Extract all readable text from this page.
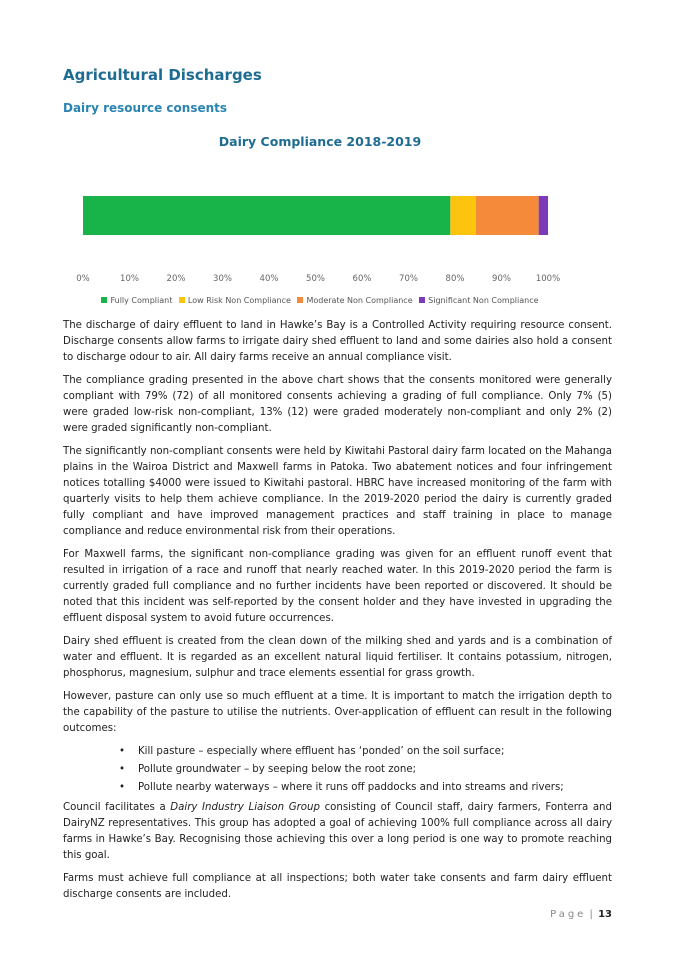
Agricultural Discharges
Dairy resource consents
Dairy Compliance 2018-2019
0%	10%	20%	30%	40%	50%	60%	70%	80%	90%	100%
Fully Compliant Low Risk Non Compliance Moderate Non Compliance Significant Non Compliance

The discharge of dairy effluent to land in Hawke’s Bay is a Controlled Activity requiring resource consent. Discharge consents allow farms to irrigate dairy shed effluent to land and some dairies also hold a consent to discharge odour to air. All dairy farms receive an annual compliance visit.

The compliance grading presented in the above chart shows that the consents monitored were generally compliant with 79% (72) of all monitored consents achieving a grading of full compliance. Only 7% (5) were graded low-risk non-compliant, 13% (12) were graded moderately non-compliant and only 2% (2) were graded significantly non-compliant.

The significantly non-compliant consents were held by Kiwitahi Pastoral dairy farm located on the Mahanga plains in the Wairoa District and Maxwell farms in Patoka. Two abatement notices and four infringement notices totalling $4000 were issued to Kiwitahi pastoral. HBRC have increased monitoring of the farm with quarterly visits to help them achieve compliance. In the 2019-2020 period the dairy is currently graded fully compliant and have improved management practices and staff training in place to manage compliance and reduce environmental risk from their operations.

For Maxwell farms, the significant non-compliance grading was given for an effluent runoff event that resulted in irrigation of a race and runoff that nearly reached water. In this 2019-2020 period the farm is currently graded full compliance and no further incidents have been reported or discovered. It should be noted that this incident was self-reported by the consent holder and they have invested in upgrading the effluent disposal system to avoid future occurrences.

Dairy shed effluent is created from the clean down of the milking shed and yards and is a combination of water and effluent. It is regarded as an excellent natural liquid fertiliser. It contains potassium, nitrogen, phosphorus, magnesium, sulphur and trace elements essential for grass growth.

However, pasture can only use so much effluent at a time. It is important to match the irrigation depth to the capability of the pasture to utilise the nutrients. Over-application of effluent can result in the following outcomes:

• Kill pasture – especially where effluent has ‘ponded’ on the soil surface;
• Pollute groundwater – by seeping below the root zone;
• Pollute nearby waterways – where it runs off paddocks and into streams and rivers;

Council facilitates a Dairy Industry Liaison Group consisting of Council staff, dairy farmers, Fonterra and DairyNZ representatives. This group has adopted a goal of achieving 100% full compliance across all dairy farms in Hawke’s Bay. Recognising those achieving this over a long period is one way to promote reaching this goal.

Farms must achieve full compliance at all inspections; both water take consents and farm dairy effluent discharge consents are included.

Page | 13
